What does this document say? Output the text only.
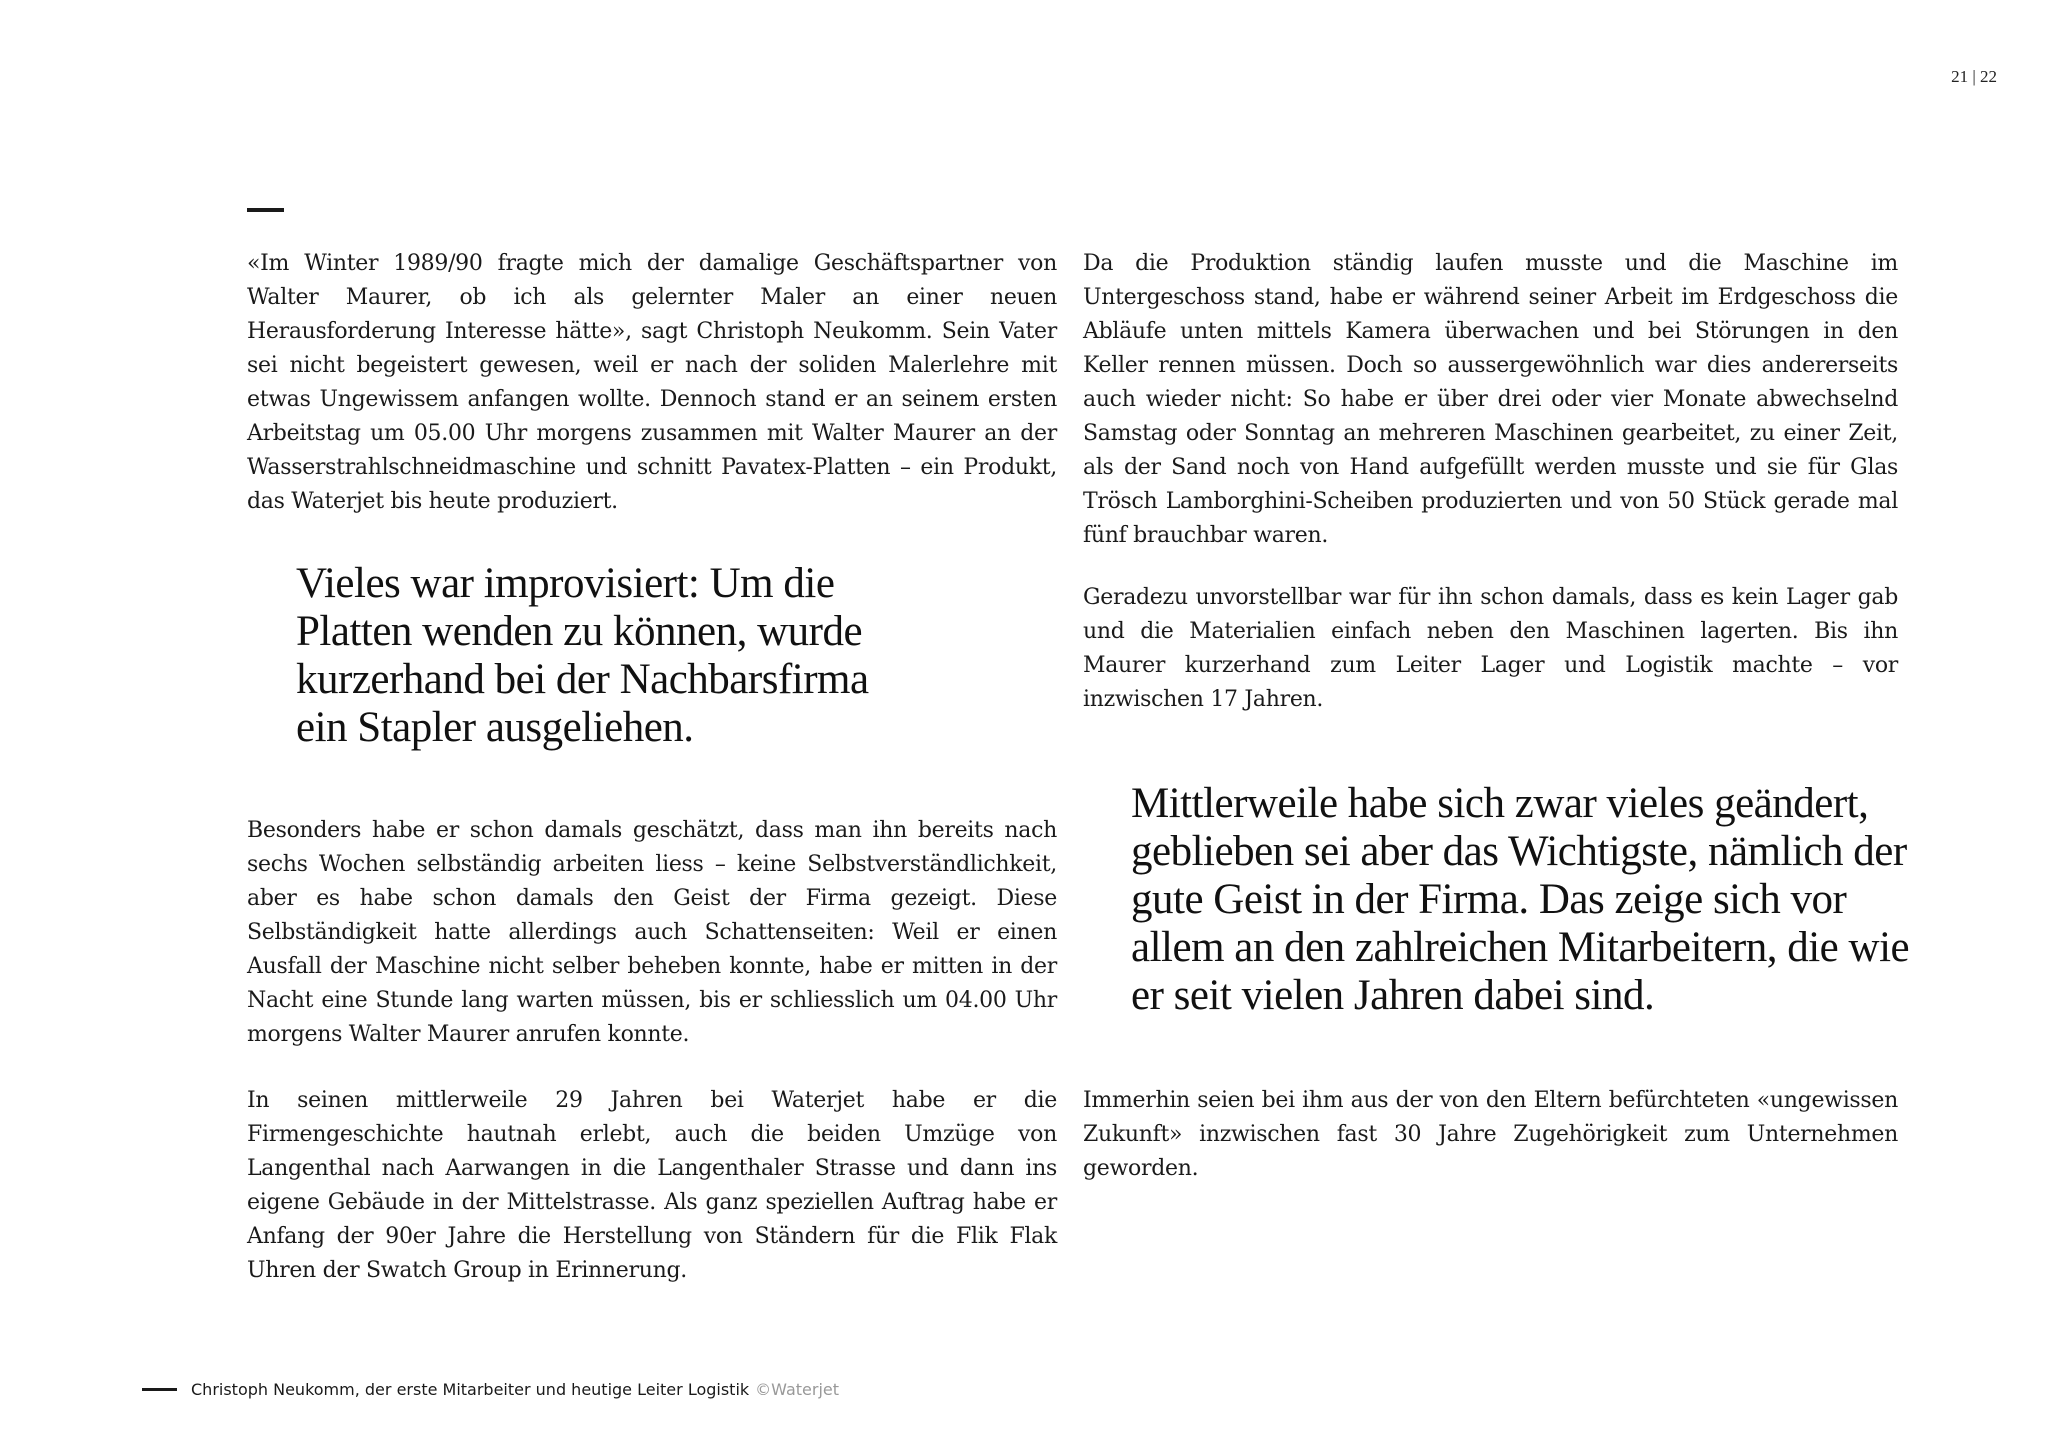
21 | 22

«Im Winter 1989/90 fragte mich der damalige Geschäftspartner von Walter Maurer, ob ich als gelernter Maler an einer neuen Herausforderung Interesse hätte», sagt Christoph Neukomm. Sein Vater sei nicht begeistert gewesen, weil er nach der soliden Malerlehre mit etwas Ungewissem anfangen wollte. Dennoch stand er an seinem ersten Arbeitstag um 05.00 Uhr morgens zusammen mit Walter Maurer an der Wasserstrahlschneidmaschine und schnitt Pavatex-Platten – ein Produkt, das Waterjet bis heute produziert.

Vieles war improvisiert: Um die Platten wenden zu können, wurde kurzerhand bei der Nachbarsfirma ein Stapler ausgeliehen.

Besonders habe er schon damals geschätzt, dass man ihn bereits nach sechs Wochen selbständig arbeiten liess – keine Selbstverständlichkeit, aber es habe schon damals den Geist der Firma gezeigt. Diese Selbständigkeit hatte allerdings auch Schattenseiten: Weil er einen Ausfall der Maschine nicht selber beheben konnte, habe er mitten in der Nacht eine Stunde lang warten müssen, bis er schliesslich um 04.00 Uhr morgens Walter Maurer anrufen konnte.

In seinen mittlerweile 29 Jahren bei Waterjet habe er die Firmengeschichte hautnah erlebt, auch die beiden Umzüge von Langenthal nach Aarwangen in die Langenthaler Strasse und dann ins eigene Gebäude in der Mittelstrasse. Als ganz speziellen Auftrag habe er Anfang der 90er Jahre die Herstellung von Ständern für die Flik Flak Uhren der Swatch Group in Erinnerung.

Da die Produktion ständig laufen musste und die Maschine im Untergeschoss stand, habe er während seiner Arbeit im Erdgeschoss die Abläufe unten mittels Kamera überwachen und bei Störungen in den Keller rennen müssen. Doch so aussergewöhnlich war dies andererseits auch wieder nicht: So habe er über drei oder vier Monate abwechselnd Samstag oder Sonntag an mehreren Maschinen gearbeitet, zu einer Zeit, als der Sand noch von Hand aufgefüllt werden musste und sie für Glas Trösch Lamborghini-Scheiben produzierten und von 50 Stück gerade mal fünf brauchbar waren.

Geradezu unvorstellbar war für ihn schon damals, dass es kein Lager gab und die Materialien einfach neben den Maschinen lagerten. Bis ihn Maurer kurzerhand zum Leiter Lager und Logistik machte – vor inzwischen 17 Jahren.

Mittlerweile habe sich zwar vieles geändert, geblieben sei aber das Wichtigste, nämlich der gute Geist in der Firma. Das zeige sich vor allem an den zahlreichen Mitarbeitern, die wie er seit vielen Jahren dabei sind.

Immerhin seien bei ihm aus der von den Eltern befürchteten «ungewissen Zukunft» inzwischen fast 30 Jahre Zugehörigkeit zum Unternehmen geworden.

Christoph Neukomm, der erste Mitarbeiter und heutige Leiter Logistik ©Waterjet
